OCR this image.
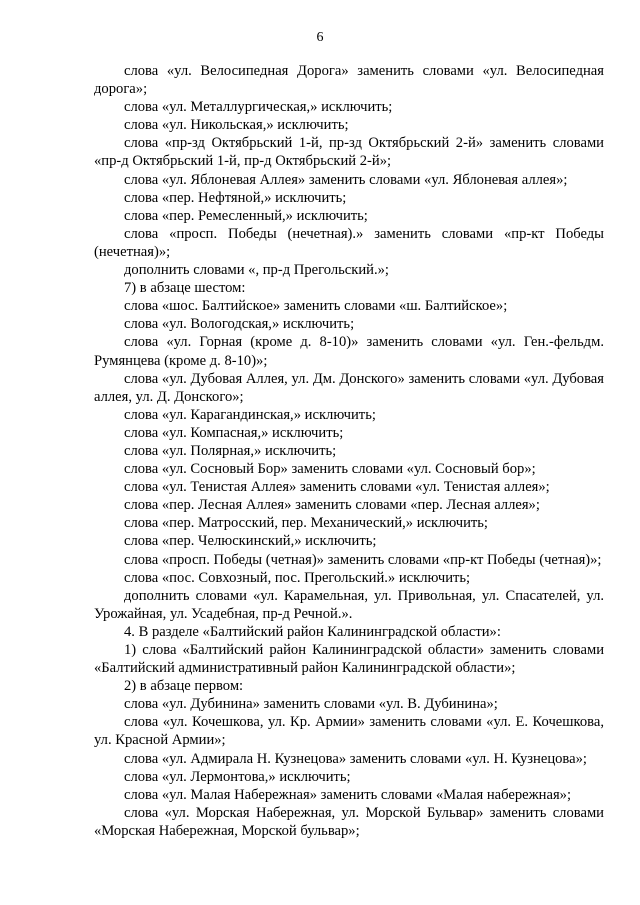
6

слова «ул. Велосипедная Дорога» заменить словами «ул. Велосипедная дорога»;

слова «ул. Металлургическая,» исключить;

слова «ул. Никольская,» исключить;

слова «пр-зд Октябрьский 1-й, пр-зд Октябрьский 2-й» заменить словами «пр-д Октябрьский 1-й, пр-д Октябрьский 2-й»;

слова «ул. Яблоневая Аллея» заменить словами «ул. Яблоневая аллея»;

слова «пер. Нефтяной,» исключить;

слова «пер. Ремесленный,» исключить;

слова «просп. Победы (нечетная).» заменить словами «пр-кт Победы (нечетная)»;

дополнить словами «, пр-д Прегольский.»;

7) в абзаце шестом:

слова «шос. Балтийское» заменить словами «ш. Балтийское»;

слова «ул. Вологодская,» исключить;

слова «ул. Горная (кроме д. 8-10)» заменить словами «ул. Ген.-фельдм. Румянцева (кроме д. 8-10)»;

слова «ул. Дубовая Аллея, ул. Дм. Донского» заменить словами «ул. Дубовая аллея, ул. Д. Донского»;

слова «ул. Карагандинская,» исключить;

слова «ул. Компасная,» исключить;

слова «ул. Полярная,» исключить;

слова «ул. Сосновый Бор» заменить словами «ул. Сосновый бор»;

слова «ул. Тенистая Аллея» заменить словами «ул. Тенистая аллея»;

слова «пер. Лесная Аллея» заменить словами «пер. Лесная аллея»;

слова «пер. Матросский, пер. Механический,» исключить;

слова «пер. Челюскинский,» исключить;

слова «просп. Победы (четная)» заменить словами «пр-кт Победы (четная)»;

слова «пос. Совхозный, пос. Прегольский.» исключить;

дополнить словами «ул. Карамельная, ул. Привольная, ул. Спасателей, ул. Урожайная, ул. Усадебная, пр-д Речной.».

4. В разделе «Балтийский район Калининградской области»:

1) слова «Балтийский район Калининградской области» заменить словами «Балтийский административный район Калининградской области»;

2) в абзаце первом:

слова «ул. Дубинина» заменить словами «ул. В. Дубинина»;

слова «ул. Кочешкова, ул. Кр. Армии» заменить словами «ул. Е. Кочешкова, ул. Красной Армии»;

слова «ул. Адмирала Н. Кузнецова» заменить словами «ул. Н. Кузнецова»;

слова «ул. Лермонтова,» исключить;

слова «ул. Малая Набережная» заменить словами «Малая набережная»;

слова «ул. Морская Набережная, ул. Морской Бульвар» заменить словами «Морская Набережная, Морской бульвар»;
